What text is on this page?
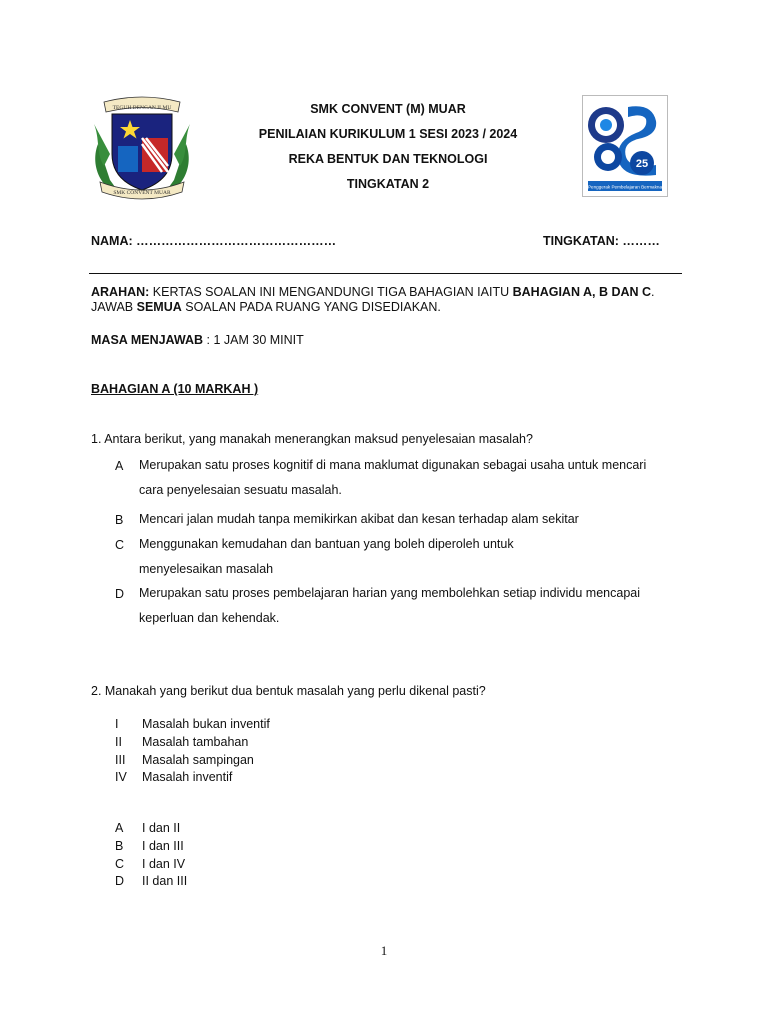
TEGUH DENGAN ILMU
SMK CONVENT MUAR
SMK CONVENT (M) MUAR
PENILAIAN KURIKULUM 1 SESI 2023 / 2024
REKA BENTUK DAN TEKNOLOGI
TINGKATAN 2
25
Penggerak Pembelajaran Bermakna
NAMA: …………………………………………	TINGKATAN: ………
ARAHAN: KERTAS SOALAN INI MENGANDUNGI TIGA BAHAGIAN IAITU BAHAGIAN A, B DAN C. JAWAB SEMUA SOALAN PADA RUANG YANG DISEDIAKAN.
MASA MENJAWAB : 1 JAM 30 MINIT
BAHAGIAN A (10 MARKAH )
1. Antara berikut, yang manakah menerangkan maksud penyelesaian masalah?
A Merupakan satu proses kognitif di mana maklumat digunakan sebagai usaha untuk mencari cara penyelesaian sesuatu masalah.
B Mencari jalan mudah tanpa memikirkan akibat dan kesan terhadap alam sekitar
C Menggunakan kemudahan dan bantuan yang boleh diperoleh untuk menyelesaikan masalah
D Merupakan satu proses pembelajaran harian yang membolehkan setiap individu mencapai keperluan dan kehendak.
2. Manakah yang berikut dua bentuk masalah yang perlu dikenal pasti?
I Masalah bukan inventif
II Masalah tambahan
III Masalah sampingan
IV Masalah inventif
A I dan II
B I dan III
C I dan IV
D II dan III
1
